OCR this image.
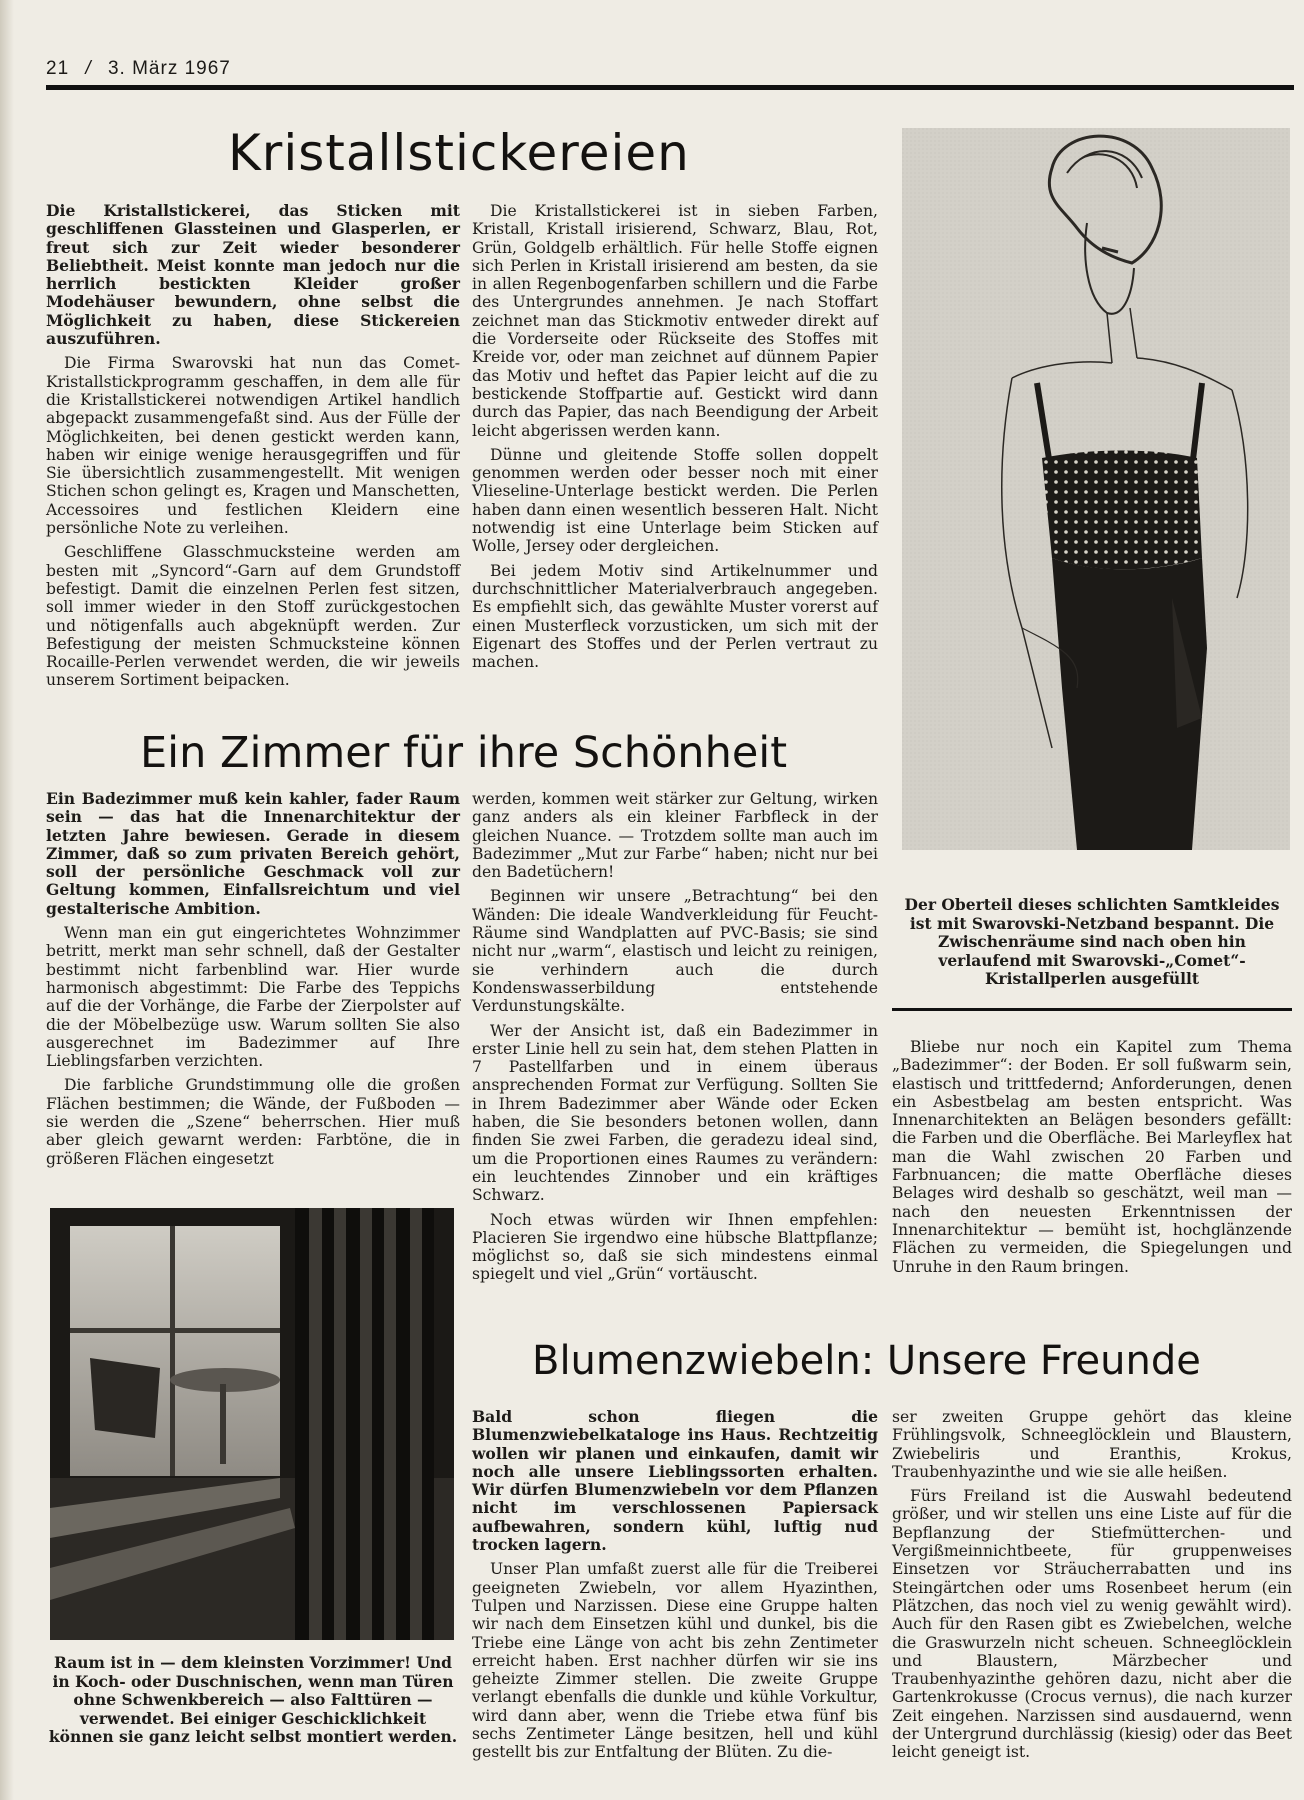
21 / 3. März 1967
Kristallstickereien

Die Kristallstickerei, das Sticken mit geschliffenen Glassteinen und Glasperlen, er freut sich zur Zeit wieder besonderer Beliebtheit. Meist konnte man jedoch nur die herrlich bestickten Kleider großer Modehäuser bewundern, ohne selbst die Möglichkeit zu haben, diese Stickereien auszuführen.

Die Firma Swarovski hat nun das Comet-Kristallstickprogramm geschaffen, in dem alle für die Kristallstickerei notwendigen Artikel handlich abgepackt zusammengefaßt sind. Aus der Fülle der Möglichkeiten, bei denen gestickt werden kann, haben wir einige wenige herausgegriffen und für Sie übersichtlich zusammengestellt. Mit wenigen Stichen schon gelingt es, Kragen und Manschetten, Accessoires und festlichen Kleidern eine persönliche Note zu verleihen.

Geschliffene Glasschmucksteine werden am besten mit „Syncord“-Garn auf dem Grundstoff befestigt. Damit die einzelnen Perlen fest sitzen, soll immer wieder in den Stoff zurückgestochen und nötigenfalls auch abgeknüpft werden. Zur Befestigung der meisten Schmucksteine können Rocaille-Perlen verwendet werden, die wir jeweils unserem Sortiment beipacken.

Die Kristallstickerei ist in sieben Farben, Kristall, Kristall irisierend, Schwarz, Blau, Rot, Grün, Goldgelb erhältlich. Für helle Stoffe eignen sich Perlen in Kristall irisierend am besten, da sie in allen Regenbogenfarben schillern und die Farbe des Untergrundes annehmen. Je nach Stoffart zeichnet man das Stickmotiv entweder direkt auf die Vorderseite oder Rückseite des Stoffes mit Kreide vor, oder man zeichnet auf dünnem Papier das Motiv und heftet das Papier leicht auf die zu bestickende Stoffpartie auf. Gestickt wird dann durch das Papier, das nach Beendigung der Arbeit leicht abgerissen werden kann.

Dünne und gleitende Stoffe sollen doppelt genommen werden oder besser noch mit einer Vlieseline-Unterlage bestickt werden. Die Perlen haben dann einen wesentlich besseren Halt. Nicht notwendig ist eine Unterlage beim Sticken auf Wolle, Jersey oder dergleichen.

Bei jedem Motiv sind Artikelnummer und durchschnittlicher Materialverbrauch angegeben. Es empfiehlt sich, das gewählte Muster vorerst auf einen Musterfleck vorzusticken, um sich mit der Eigenart des Stoffes und der Perlen vertraut zu machen.

Der Oberteil dieses schlichten Samtkleides ist mit Swarovski-Netzband bespannt. Die Zwischenräume sind nach oben hin verlaufend mit Swarovski-„Comet“-Kristallperlen ausgefüllt
Ein Zimmer für ihre Schönheit

Ein Badezimmer muß kein kahler, fader Raum sein — das hat die Innenarchitektur der letzten Jahre bewiesen. Gerade in diesem Zimmer, daß so zum privaten Bereich gehört, soll der persönliche Geschmack voll zur Geltung kommen, Einfallsreichtum und viel gestalterische Ambition.

Wenn man ein gut eingerichtetes Wohnzimmer betritt, merkt man sehr schnell, daß der Gestalter bestimmt nicht farbenblind war. Hier wurde harmonisch abgestimmt: Die Farbe des Teppichs auf die der Vorhänge, die Farbe der Zierpolster auf die der Möbelbezüge usw. Warum sollten Sie also ausgerechnet im Badezimmer auf Ihre Lieblingsfarben verzichten.

Die farbliche Grundstimmung olle die großen Flächen bestimmen; die Wände, der Fußboden — sie werden die „Szene“ beherrschen. Hier muß aber gleich gewarnt werden: Farbtöne, die in größeren Flächen eingesetzt

werden, kommen weit stärker zur Geltung, wirken ganz anders als ein kleiner Farbfleck in der gleichen Nuance. — Trotzdem sollte man auch im Badezimmer „Mut zur Farbe“ haben; nicht nur bei den Badetüchern!

Beginnen wir unsere „Betrachtung“ bei den Wänden: Die ideale Wandverkleidung für Feucht-Räume sind Wandplatten auf PVC-Basis; sie sind nicht nur „warm“, elastisch und leicht zu reinigen, sie verhindern auch die durch Kondenswasserbildung entstehende Verdunstungskälte.

Wer der Ansicht ist, daß ein Badezimmer in erster Linie hell zu sein hat, dem stehen Platten in 7 Pastellfarben und in einem überaus ansprechenden Format zur Verfügung. Sollten Sie in Ihrem Badezimmer aber Wände oder Ecken haben, die Sie besonders betonen wollen, dann finden Sie zwei Farben, die geradezu ideal sind, um die Proportionen eines Raumes zu verändern: ein leuchtendes Zinnober und ein kräftiges Schwarz.

Noch etwas würden wir Ihnen empfehlen: Placieren Sie irgendwo eine hübsche Blattpflanze; möglichst so, daß sie sich mindestens einmal spiegelt und viel „Grün“ vortäuscht.

Bliebe nur noch ein Kapitel zum Thema „Badezimmer“: der Boden. Er soll fußwarm sein, elastisch und trittfedernd; Anforderungen, denen ein Asbestbelag am besten entspricht. Was Innenarchitekten an Belägen besonders gefällt: die Farben und die Oberfläche. Bei Marleyflex hat man die Wahl zwischen 20 Farben und Farbnuancen; die matte Oberfläche dieses Belages wird deshalb so geschätzt, weil man — nach den neuesten Erkenntnissen der Innenarchitektur — bemüht ist, hochglänzende Flächen zu vermeiden, die Spiegelungen und Unruhe in den Raum bringen.

Raum ist in — dem kleinsten Vorzimmer! Und in Koch- oder Duschnischen, wenn man Türen ohne Schwenkbereich — also Falttüren — verwendet. Bei einiger Geschicklichkeit können sie ganz leicht selbst montiert werden.
Blumenzwiebeln: Unsere Freunde

Bald schon fliegen die Blumenzwiebelkataloge ins Haus. Rechtzeitig wollen wir planen und einkaufen, damit wir noch alle unsere Lieblingssorten erhalten. Wir dürfen Blumenzwiebeln vor dem Pflanzen nicht im verschlossenen Papiersack aufbewahren, sondern kühl, luftig nud trocken lagern.

Unser Plan umfaßt zuerst alle für die Treiberei geeigneten Zwiebeln, vor allem Hyazinthen, Tulpen und Narzissen. Diese eine Gruppe halten wir nach dem Einsetzen kühl und dunkel, bis die Triebe eine Länge von acht bis zehn Zentimeter erreicht haben. Erst nachher dürfen wir sie ins geheizte Zimmer stellen. Die zweite Gruppe verlangt ebenfalls die dunkle und kühle Vorkultur, wird dann aber, wenn die Triebe etwa fünf bis sechs Zentimeter Länge besitzen, hell und kühl gestellt bis zur Entfaltung der Blüten. Zu die-

ser zweiten Gruppe gehört das kleine Frühlingsvolk, Schneeglöcklein und Blaustern, Zwiebeliris und Eranthis, Krokus, Traubenhyazinthe und wie sie alle heißen.

Fürs Freiland ist die Auswahl bedeutend größer, und wir stellen uns eine Liste auf für die Bepflanzung der Stiefmütterchen- und Vergißmeinnichtbeete, für gruppenweises Einsetzen vor Sträucherrabatten und ins Steingärtchen oder ums Rosenbeet herum (ein Plätzchen, das noch viel zu wenig gewählt wird). Auch für den Rasen gibt es Zwiebelchen, welche die Graswurzeln nicht scheuen. Schneeglöcklein und Blaustern, Märzbecher und Traubenhyazinthe gehören dazu, nicht aber die Gartenkrokusse (Crocus vernus), die nach kurzer Zeit eingehen. Narzissen sind ausdauernd, wenn der Untergrund durchlässig (kiesig) oder das Beet leicht geneigt ist.
